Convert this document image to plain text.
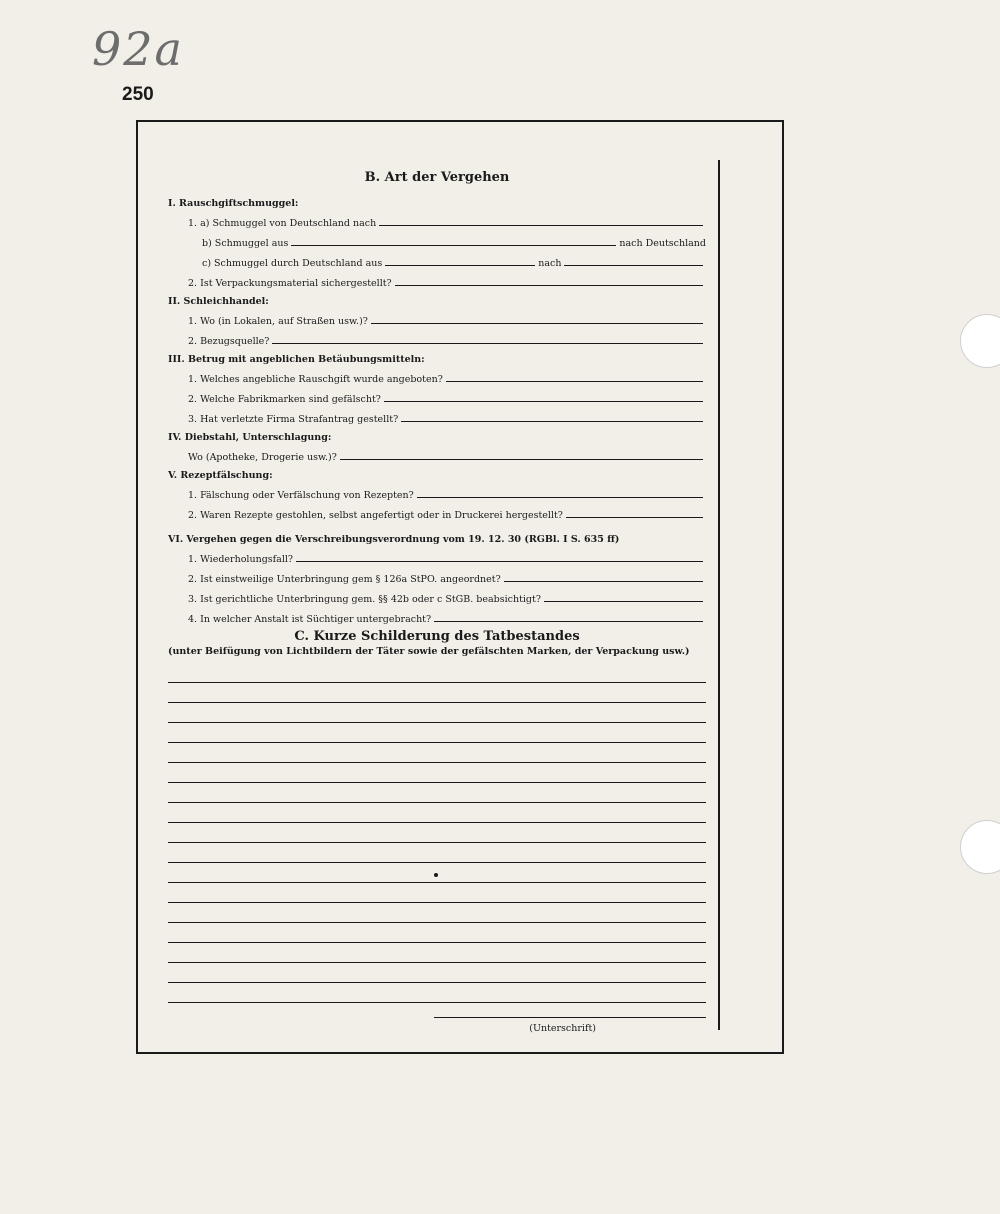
92a
250
B. Art der Vergehen
I. Rauschgiftschmuggel:
1. a) Schmuggel von Deutschland nach
b) Schmuggel aus	nach Deutschland
c) Schmuggel durch Deutschland aus	nach
2. Ist Verpackungsmaterial sichergestellt?
II. Schleichhandel:
1. Wo (in Lokalen, auf Straßen usw.)?
2. Bezugsquelle?
III. Betrug mit angeblichen Betäubungsmitteln:
1. Welches angebliche Rauschgift wurde angeboten?
2. Welche Fabrikmarken sind gefälscht?
3. Hat verletzte Firma Strafantrag gestellt?
IV. Diebstahl, Unterschlagung:
Wo (Apotheke, Drogerie usw.)?
V. Rezeptfälschung:
1. Fälschung oder Verfälschung von Rezepten?
2. Waren Rezepte gestohlen, selbst angefertigt oder in Druckerei hergestellt?
VI. Vergehen gegen die Verschreibungsverordnung vom 19. 12. 30 (RGBl. I S. 635 ff)
1. Wiederholungsfall?
2. Ist einstweilige Unterbringung gem § 126a StPO. angeordnet?
3. Ist gerichtliche Unterbringung gem. §§ 42b oder c StGB. beabsichtigt?
4. In welcher Anstalt ist Süchtiger untergebracht?
C. Kurze Schilderung des Tatbestandes
(unter Beifügung von Lichtbildern der Täter sowie der gefälschten Marken, der Verpackung usw.)
(Unterschrift)
